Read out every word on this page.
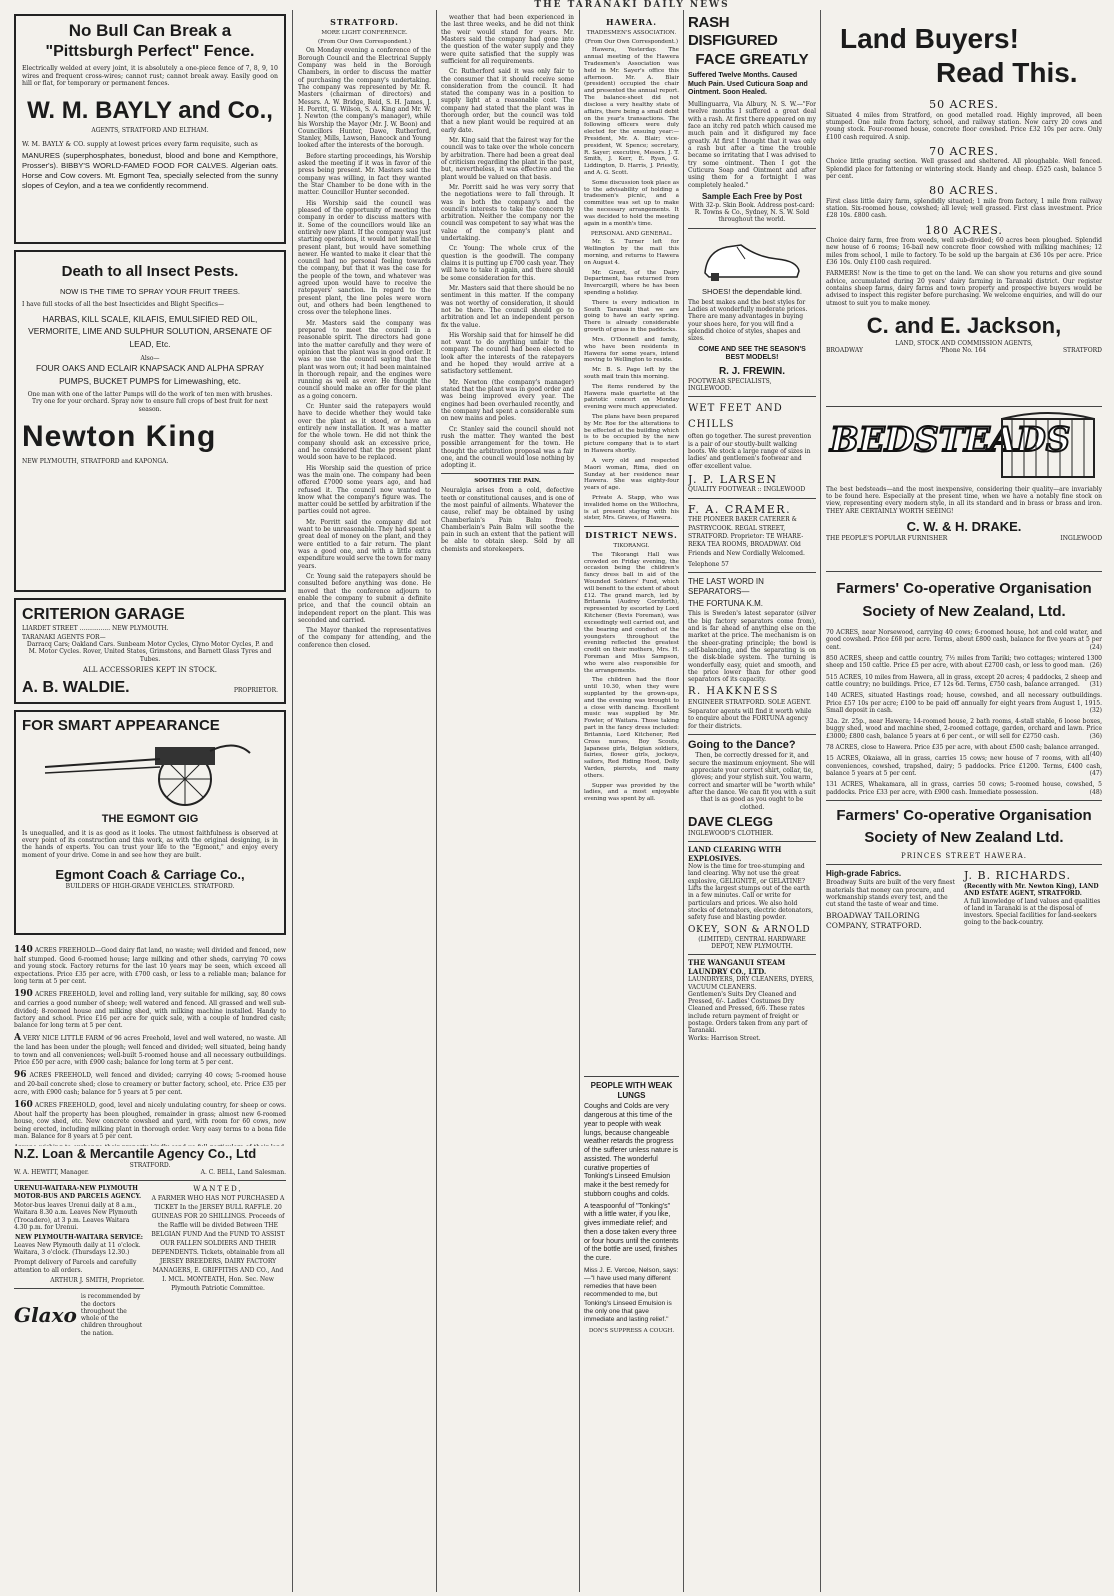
THE TARANAKI DAILY NEWS
No Bull Can Break a
"Pittsburgh Perfect" Fence.
Electrically welded at every joint, it is absolutely a one-piece fence of 7, 8, 9, 10 wires and frequent cross-wires; cannot rust; cannot break away. Easily good on hill or flat, for temporary or permanent fences.
W. M. BAYLY and Co.,
AGENTS, STRATFORD AND ELTHAM.
W. M. BAYLY & CO. supply at lowest prices every farm requisite, such as
MANURES (superphosphates, bonedust, blood and bone and Kempthore, Prosser's). BIBBY'S WORLD-FAMED FOOD FOR CALVES. Algerian oats. Horse and Cow covers. Mt. Egmont Tea, specially selected from the sunny slopes of Ceylon, and a tea we confidently recommend.
Death to all Insect Pests.
NOW IS THE TIME TO SPRAY YOUR FRUIT TREES.
I have full stocks of all the best Insecticides and Blight Specifics—
HARBAS, KILL SCALE, KILAFIS, EMULSIFIED RED OIL, VERMORITE, LIME AND SULPHUR SOLUTION, ARSENATE OF LEAD, Etc.
Also—
FOUR OAKS AND ECLAIR KNAPSACK AND ALPHA SPRAY PUMPS, BUCKET PUMPS for Limewashing, etc.
One man with one of the latter Pumps will do the work of ten men with brushes. Try one for your orchard. Spray now to ensure full crops of best fruit for next season.
Newton King
NEW PLYMOUTH, STRATFORD and KAPONGA.
CRITERION GARAGE
LIARDET STREET ................ NEW PLYMOUTH.
TARANAKI AGENTS FOR—
Darracq Cars; Oakland Cars. Sunbeam Motor Cycles, Clyno Motor Cycles, P. and M. Motor Cycles. Rover, United States, Grimstons, and Barnett Glass Tyres and Tubes.
ALL ACCESSORIES KEPT IN STOCK.
A. B. WALDIE.	PROPRIETOR.
FOR SMART APPEARANCE
THE EGMONT GIG
Is unequalled, and it is as good as it looks. The utmost faithfulness is observed at every point of its construction and this work, as with the original designing, is in the hands of experts. You can trust your life to the "Egmont," and enjoy every moment of your drive. Come in and see how they are built.
Egmont Coach & Carriage Co.,
BUILDERS OF HIGH-GRADE VEHICLES. STRATFORD.
140 ACRES FREEHOLD—Good dairy flat land, no waste; well divided and fenced, new half stumped. Good 6-roomed house; large milking and other sheds, carrying 70 cows and young stock. Factory returns for the last 10 years may be seen, which exceed all expectations. Price £35 per acre, with £700 cash, or less to a reliable man; balance for long term at 5 per cent.
190 ACRES FREEHOLD, level and rolling land, very suitable for milking, say, 80 cows and carries a good number of sheep; well watered and fenced. All grassed and well sub-divided; 8-roomed house and milking shed, with milking machine installed. Handy to factory and school. Price £16 per acre for quick sale, with a couple of hundred cash; balance for long term at 5 per cent.
A VERY NICE LITTLE FARM of 96 acres Freehold, level and well watered, no waste. All the land has been under the plough; well fenced and divided; well situated, being handy to town and all conveniences; well-built 5-roomed house and all necessary outbuildings. Price £50 per acre, with £900 cash; balance for long term at 5 per cent.
96 ACRES FREEHOLD, well fenced and divided; carrying 40 cows; 5-roomed house and 20-bail concrete shed; close to creamery or butter factory, school, etc. Price £35 per acre, with £900 cash; balance for 5 years at 5 per cent.
160 ACRES FREEHOLD, good, level and nicely undulating country, for sheep or cows. About half the property has been ploughed, remainder in grass; almost new 6-roomed house, cow shed, etc. New concrete cowshed and yard, with room for 60 cows, now being erected, including milking plant in thorough order. Very easy terms to a bona fide man. Balance for 8 years at 5 per cent.
N.Z. Loan & Mercantile Agency Co., Ltd
STRATFORD.
W. A. HEWITT, Manager.	A. C. BELL, Land Salesman.
URENUI-WAITARA-NEW PLYMOUTH MOTOR-BUS AND PARCELS AGENCY.
Motor-bus leaves Urenui daily at 8 a.m., Waitara 8.30 a.m. Leaves New Plymouth (Trocadero), at 3 p.m. Leaves Waitara 4.30 p.m. for Urenui.
NEW PLYMOUTH-WAITARA SERVICE:
Leaves New Plymouth daily at 11 o'clock. Waitara, 3 o'clock. (Thursdays 12.30.)
Prompt delivery of Parcels and carefully attention to all orders.
ARTHUR J. SMITH, Proprietor.
Glaxo
is recommended by the doctors throughout the whole of the children throughout the nation.
WANTED,
A FARMER WHO HAS NOT PURCHASED A TICKET In the JERSEY BULL RAFFLE. 20 GUINEAS FOR 20 SHILLINGS. Proceeds of the Raffle will be divided Between THE BELGIAN FUND And the FUND TO ASSIST OUR FALLEN SOLDIERS AND THEIR DEPENDENTS. Tickets, obtainable from all JERSEY BREEDERS, DAIRY FACTORY MANAGERS, E. GRIFFITHS AND CO., And I. MCL. MONTEATH, Hon. Sec. New Plymouth Patriotic Committee.
STRATFORD.
MORE LIGHT CONFERENCE.
(From Our Own Correspondent.)

On Monday evening a conference of the Borough Council and the Electrical Supply Company was held in the Borough Chambers, in order to discuss the matter of purchasing the company's undertaking. The company was represented by Mr. R. Masters (chairman of directors) and Messrs. A. W. Bridge, Reid, S. H. James, J. H. Porritt, G. Wilson, S. A. King and Mr. W. J. Newton (the company's manager), while his Worship the Mayor (Mr. J. W. Boon) and Councillors Hunter, Dawe, Rutherford, Stanley, Mills, Lawson, Hancock and Young looked after the interests of the borough.

Before starting proceedings, his Worship asked the meeting if it was in favor of the press being present. Mr. Masters said the company was willing, in fact they wanted the Star Chamber to be done with in the matter. Councillor Hunter seconded.

His Worship said the council was pleased of the opportunity of meeting the company in order to discuss matters with it. Some of the councillors would like an entirely new plant. If the company was just starting operations, it would not install the present plant, but would have something newer. He wanted to make it clear that the council had no personal feeling towards the company, but that it was the case for the people of the town, and whatever was agreed upon would have to receive the ratepayers' sanction. In regard to the present plant, the line poles were worn out, and others had been lengthened to cross over the telephone lines.

Mr. Masters said the company was prepared to meet the council in a reasonable spirit. The directors had gone into the matter carefully and they were of opinion that the plant was in good order. It was no use the council saying that the plant was worn out; it had been maintained in thorough repair, and the engines were running as well as ever. He thought the council should make an offer for the plant as a going concern.

Cr. Hunter said the ratepayers would have to decide whether they would take over the plant as it stood, or have an entirely new installation. It was a matter for the whole town. He did not think the company should ask an excessive price, and he considered that the present plant would soon have to be replaced.

His Worship said the question of price was the main one. The company had been offered £7000 some years ago, and had refused it. The council now wanted to know what the company's figure was. The matter could be settled by arbitration if the parties could not agree.

Mr. Porritt said the company did not want to be unreasonable. They had spent a great deal of money on the plant, and they were entitled to a fair return. The plant was a good one, and with a little extra expenditure would serve the town for many years.

Cr. Young said the ratepayers should be consulted before anything was done. He moved that the conference adjourn to enable the company to submit a definite price, and that the council obtain an independent report on the plant. This was seconded and carried.

The Mayor thanked the representatives of the company for attending, and the conference then closed.

weather that had been experienced in the last three weeks, and he did not think the weir would stand for years. Mr. Masters said the company had gone into the question of the water supply and they were quite satisfied that the supply was sufficient for all requirements.

Cr. Rutherford said it was only fair to the consumer that it should receive some consideration from the council. It had stated the company was in a position to supply light at a reasonable cost. The company had stated that the plant was in thorough order, but the council was told that a new plant would be required at an early date.

Mr. King said that the fairest way for the council was to take over the whole concern by arbitration. There had been a great deal of criticism regarding the plant in the past, but, nevertheless, it was effective and the plant would be valued on that basis.

Mr. Porritt said he was very sorry that the negotiations were to fall through. It was in both the company's and the council's interests to take the concern by arbitration. Neither the company nor the council was competent to say what was the value of the company's plant and undertaking.

Cr. Young: The whole crux of the question is the goodwill. The company claims it is putting up £700 cash year. They will have to take it again, and there should be some consideration for this.

Mr. Masters said that there should be no sentiment in this matter. If the company was not worthy of consideration, it should not be there. The council should go to arbitration and let an independent person fix the value.

His Worship said that for himself he did not want to do anything unfair to the company. The council had been elected to look after the interests of the ratepayers and he hoped they would arrive at a satisfactory settlement.

Mr. Newton (the company's manager) stated that the plant was in good order and was being improved every year. The engines had been overhauled recently, and the company had spent a considerable sum on new mains and poles.

Cr. Stanley said the council should not rush the matter. They wanted the best possible arrangement for the town. He thought the arbitration proposal was a fair one, and the council would lose nothing by adopting it.

SOOTHES THE PAIN.
Neuralgia arises from a cold, defective teeth or constitutional causes, and is one of the most painful of ailments. Whatever the cause, relief may be obtained by using Chamberlain's Pain Balm freely. Chamberlain's Pain Balm will soothe the pain in such an extent that the patient will be able to obtain sleep. Sold by all chemists and storekeepers.
HAWERA.
TRADESMEN'S ASSOCIATION.
(From Our Own Correspondent.)

Hawera, Yesterday. The annual meeting of the Hawera Tradesmen's Association was held in Mr. Sayer's office this afternoon. Mr. A. Blair (president) occupied the chair and presented the annual report. The balance-sheet did not disclose a very healthy state of affairs, there being a small debit on the year's transactions. The following officers were duly elected for the ensuing year:—President, Mr. A. Blair; vice-president, W. Spence; secretary, R. Sayer; executive, Messrs. J. T. Smith, J. Kerr, E. Ryan, G. Liddington, D. Harris, J. Priestly, and A. G. Scott.

Some discussion took place as to the advisability of holding a tradesmen's picnic, and a committee was set up to make the necessary arrangements. It was decided to hold the meeting again in a month's time.

PERSONAL AND GENERAL.

Mr. S. Turner left for Wellington by the mail this morning, and returns to Hawera on August 4.

Mr. Grant, of the Dairy Department, has returned from Invercargill, where he has been spending a holiday.

There is every indication in South Taranaki that we are going to have an early spring. There is already considerable growth of grass in the paddocks.

Mrs. O'Donnell and family, who have been residents in Hawera for some years, intend moving to Wellington to reside.

Mr. B. S. Page left by the south mail train this morning.

The items rendered by the Hawera male quartette at the patriotic concert on Monday evening were much appreciated.

The plans have been prepared by Mr. Roe for the alterations to be effected at the building which is to be occupied by the new picture company that is to start in Hawera shortly.

A very old and respected Maori woman, Rima, died on Sunday at her residence near Hawera. She was eighty-four years of age.

Private A. Stapp, who was invalided home on the Willochra, is at present staying with his sister, Mrs. Graves, of Hawera.

DISTRICT NEWS.
TIKORANGI.

The Tikorangi Hall was crowded on Friday evening, the occasion being the children's fancy dress ball in aid of the Wounded Soldiers' Fund, which will benefit to the extent of about £12. The grand march, led by Britannia (Audrey Cornforth), represented by escorted by Lord Kitchener (Bevis Foreman), was exceedingly well carried out, and the bearing and conduct of the youngsters throughout the evening reflected the greatest credit on their mothers, Mrs. H. Foreman and Miss Sampson, who were also responsible for the arrangements.

The children had the floor until 10.30, when they were supplanted by the grown-ups, and the evening was brought to a close with dancing. Excellent music was supplied by Mr. Fowler, of Waitara. Those taking part in the fancy dress included: Britannia, Lord Kitchener, Red Cross nurses, Boy Scouts, Japanese girls, Belgian soldiers, fairies, flower girls, jockeys, sailors, Red Riding Hood, Dolly Varden, pierrots, and many others.

Supper was provided by the ladies, and a most enjoyable evening was spent by all.

PEOPLE WITH WEAK LUNGS
Coughs and Colds are very dangerous at this time of the year to people with weak lungs, because changeable weather retards the progress of the sufferer unless nature is assisted. The wonderful curative properties of Tonking's Linseed Emulsion make it the best remedy for stubborn coughs and colds.
A teaspoonful of "Tonking's" with a little water, if you like, gives immediate relief; and then a dose taken every three or four hours until the contents of the bottle are used, finishes the cure.
Miss J. E. Vercoe, Nelson, says:—"I have used many different remedies that have been recommended to me, but Tonking's Linseed Emulsion is the only one that gave immediate and lasting relief."
DON'S SUPPRESS A COUGH.
RASH DISFIGURED
FACE GREATLY
Suffered Twelve Months. Caused Much Pain. Used Cuticura Soap and Ointment. Soon Healed.
Mullinguarra, Via Albury, N. S. W.—"For twelve months I suffered a great deal with a rash. At first there appeared on my face an itchy red patch which caused me much pain and it disfigured my face greatly. At first I thought that it was only a rash but after a time the trouble became so irritating that I was advised to try some ointment. Then I got the Cuticura Soap and Ointment and after using them for a fortnight I was completely healed."
Sample Each Free by Post
With 32-p. Skin Book. Address post-card: R. Towns & Co., Sydney, N. S. W. Sold throughout the world.
SHOES! the dependable kind.
The best makes and the best styles for Ladies at wonderfully moderate prices. There are many advantages in buying your shoes here, for you will find a splendid choice of styles, shapes and sizes.
COME AND SEE THE SEASON'S BEST MODELS!
R. J. FREWIN.
FOOTWEAR SPECIALISTS, INGLEWOOD.
WET FEET AND CHILLS
often go together. The surest prevention is a pair of our stoutly-built walking boots. We stock a large range of sizes in ladies' and gentlemen's footwear and offer excellent value.
J. P. LARSEN
QUALITY FOOTWEAR :: INGLEWOOD
F. A. CRAMER.
THE PIONEER BAKER CATERER & PASTRYCOOK. REGAL STREET, STRATFORD. Proprietor: TE WHARE-REKA TEA ROOMS, BROADWAY. Old Friends and New Cordially Welcomed.
Telephone 57
THE LAST WORD IN SEPARATORS—
THE FORTUNA K.M.
This is Sweden's latest separator (silver the big factory separators come from), and is far ahead of anything else on the market at the price. The mechanism is on the sheer-grating principle; the bowl is self-balancing, and the separating is on the disk-blade system. The turning is wonderfully easy, quiet and smooth, and the price lower than for other good separators of its capacity.
R. HAKKNESS
ENGINEER STRATFORD. SOLE AGENT.
Separator agents will find it worth while to enquire about the FORTUNA agency for their districts.
Going to the Dance?
Then, be correctly dressed for it, and secure the maximum enjoyment. She will appreciate your correct shirt, collar, tie, gloves; and your stylish suit. You warm, correct and smarter will be "worth while" after the dance. We can fit you with a suit that is as good as you ought to be clothed.
DAVE CLEGG
INGLEWOOD'S CLOTHIER.
LAND CLEARING WITH EXPLOSIVES.
Now is the time for tree-stumping and land clearing. Why not use the great explosive, GELIGNITE, or GELATINE? Lifts the largest stumps out of the earth in a few minutes. Call or write for particulars and prices. We also hold stocks of detonators, electric detonators, safety fuse and blasting powder.
OKEY, SON & ARNOLD
(LIMITED), CENTRAL HARDWARE DEPOT, NEW PLYMOUTH.
THE WANGANUI STEAM LAUNDRY CO., LTD.
LAUNDRYERS, DRY CLEANERS, DYERS, VACUUM CLEANERS.
Gentlemen's Suits Dry Cleaned and Pressed, 6/-. Ladies' Costumes Dry Cleaned and Pressed, 6/6. These rates include return payment of freight or postage. Orders taken from any part of Taranaki.
Works: Harrison Street.
Land Buyers!
Read This.
50 ACRES.
Situated 4 miles from Stratford, on good metalled road. Highly improved, all been stumped. One mile from factory, school, and railway station. Now carry 20 cows and young stock. Four-roomed house, concrete floor cowshed. Price £32 10s per acre. Only £100 cash required. A snip.
70 ACRES.
Choice little grazing section. Well grassed and sheltered. All ploughable. Well fenced. Splendid place for fattening or wintering stock. Handy and cheap. £525 cash, balance 5 per cent.
80 ACRES.
First class little dairy farm, splendidly situated; 1 mile from factory, 1 mile from railway station. Six-roomed house, cowshed; all level; well grassed. First class investment. Price £28 10s. £800 cash.
180 ACRES.
Choice dairy farm, free from weeds, well sub-divided; 60 acres been ploughed. Splendid new house of 6 rooms; 16-bail new concrete floor cowshed with milking machines; 12 miles from school, 1 mile to factory. To be sold up the bargain at £36 10s per acre. Price £36 10s. Only £100 cash required.
FARMERS! Now is the time to get on the land. We can show you returns and give sound advice, accumulated during 20 years' dairy farming in Taranaki district. Our register contains sheep farms, dairy farms and town property and prospective buyers would be advised to inspect this register before purchasing. We welcome enquiries, and will do our utmost to suit you to make money.
C. and E. Jackson,
LAND, STOCK AND COMMISSION AGENTS,
BROADWAY	'Phone No. 164	STRATFORD
BEDSTEADS
The best bedsteads—and the most inexpensive, considering their quality—are invariably to be found here. Especially at the present time, when we have a notably fine stock on view, representing every modern style, in all its standard and in brass or brass and iron. THEY ARE CERTAINLY WORTH SEEING!
C. W. & H. DRAKE.
THE PEOPLE'S POPULAR FURNISHER	INGLEWOOD
Farmers' Co-operative Organisation Society of New Zealand, Ltd.
70 ACRES, near Norsewood, carrying 40 cows; 6-roomed house, hot and cold water, and good cowshed. Price £68 per acre. Terms, about £800 cash, balance for five years at 5 per cent.	(24)
850 ACRES, sheep and cattle country, 7½ miles from Tariki; two cottages; wintered 1300 sheep and 150 cattle. Price £5 per acre, with about £2700 cash, or less to good man. (26)
515 ACRES, 10 miles from Hawera, all in grass, except 20 acres; 4 paddocks, 2 sheep and cattle country; no buildings. Price, £7 12s 6d. Terms, £750 cash, balance arranged. (31)
140 ACRES, situated Hastings road; house, cowshed, and all necessary outbuildings. Price £57 10s per acre; £100 to be paid off annually for eight years from August 1, 1915. Small deposit in cash.	(32)
32a. 2r. 25p., near Hawera; 14-roomed house, 2 bath rooms, 4-stall stable, 6 loose boxes, buggy shed, wood and machine shed, 2-roomed cottage, garden, orchard and lawn. Price £3000; £800 cash, balance 5 years at 6 per cent., or will sell for £2750 cash.	(36)
78 ACRES, close to Hawera. Price £35 per acre, with about £500 cash; balance arranged.
(40)
15 ACRES, Okaiawa, all in grass, carries 15 cows; new house of 7 rooms, with all conveniences, cowshed, trapshed, dairy; 5 paddocks. Price £1200. Terms, £400 cash, balance 5 years at 5 per cent.	(47)
131 ACRES, Whakamara, all in grass, carries 50 cows; 5-roomed house, cowshed, 5 paddocks. Price £33 per acre, with £900 cash. Immediate possession.	(48)
Farmers' Co-operative Organisation Society of New Zealand Ltd.
PRINCES STREET HAWERA.
High-grade Fabrics.
Broadway Suits are built of the very finest materials that money can procure, and workmanship stands every test, and the cut stand the taste of wear and time.
BROADWAY TAILORING COMPANY, STRATFORD.
J. B. RICHARDS.
(Recently with Mr. Newton King), LAND AND ESTATE AGENT, STRATFORD.
A full knowledge of land values and qualities of land in Taranaki is at the disposal of investors. Special facilities for land-seekers going to the back-country.
